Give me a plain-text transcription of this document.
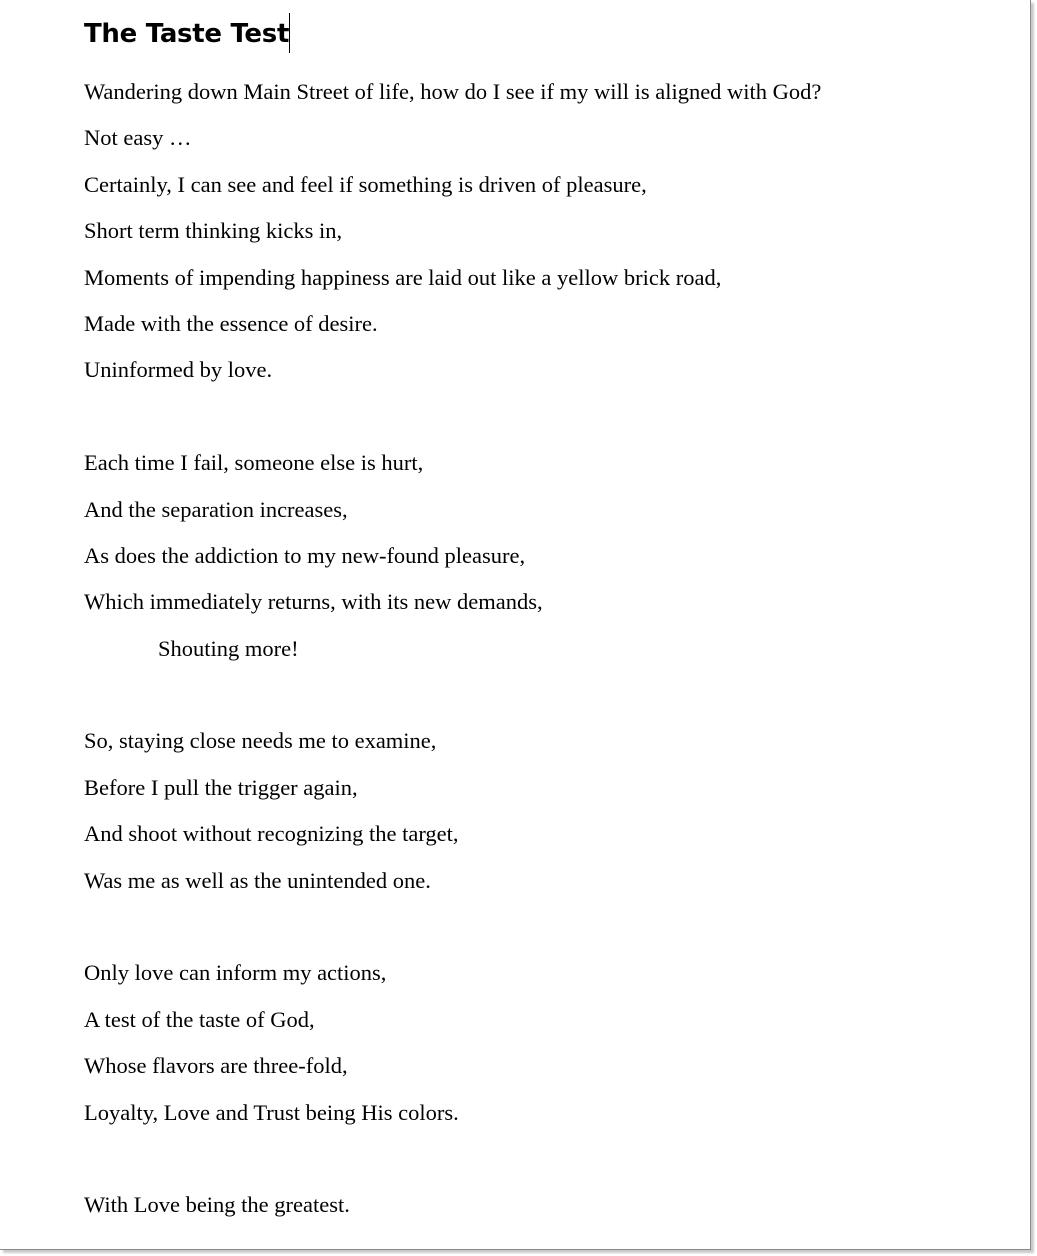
The Taste Test
Wandering down Main Street of life, how do I see if my will is aligned with God?
Not easy …
Certainly, I can see and feel if something is driven of pleasure,
Short term thinking kicks in,
Moments of impending happiness are laid out like a yellow brick road,
Made with the essence of desire.
Uninformed by love.
Each time I fail, someone else is hurt,
And the separation increases,
As does the addiction to my new-found pleasure,
Which immediately returns, with its new demands,
Shouting more!
So, staying close needs me to examine,
Before I pull the trigger again,
And shoot without recognizing the target,
Was me as well as the unintended one.
Only love can inform my actions,
A test of the taste of God,
Whose flavors are three-fold,
Loyalty, Love and Trust being His colors.
With Love being the greatest.
